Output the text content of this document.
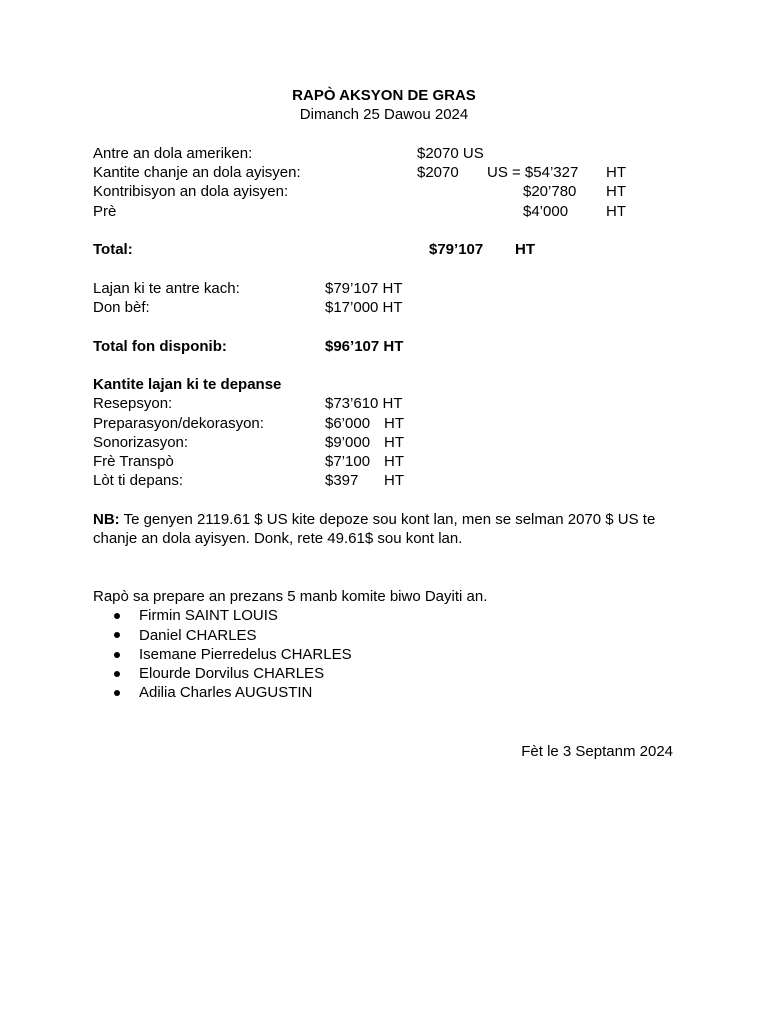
RAPÒ AKSYON DE GRAS
Dimanch 25 Dawou 2024
Antre an dola ameriken:	$2070 US
Kantite chanje an dola ayisyen:	$2070 US = $54’327 HT
Kontribisyon an dola ayisyen:	$20’780 HT
Prè	$4’000	HT
Total:	$79’107 HT
Lajan ki te antre kach:	$79’107 HT
Don bèf:	$17’000 HT
Total fon disponib:	$96’107 HT
Kantite lajan ki te depanse
Resepsyon:	$73’610 HT
Preparasyon/dekorasyon:	$6’000 HT
Sonorizasyon:	$9’000 HT
Frè Transpò	$7’100 HT
Lòt ti depans:	$397 HT
NB: Te genyen 2119.61 $ US kite depoze sou kont lan, men se selman 2070 $ US te
chanje an dola ayisyen. Donk, rete 49.61$ sou kont lan.
Rapò sa prepare an prezans 5 manb komite biwo Dayiti an.
Firmin SAINT LOUIS
Daniel CHARLES
Isemane Pierredelus CHARLES
Elourde Dorvilus CHARLES
Adilia Charles AUGUSTIN
Fèt le 3 Septanm 2024
